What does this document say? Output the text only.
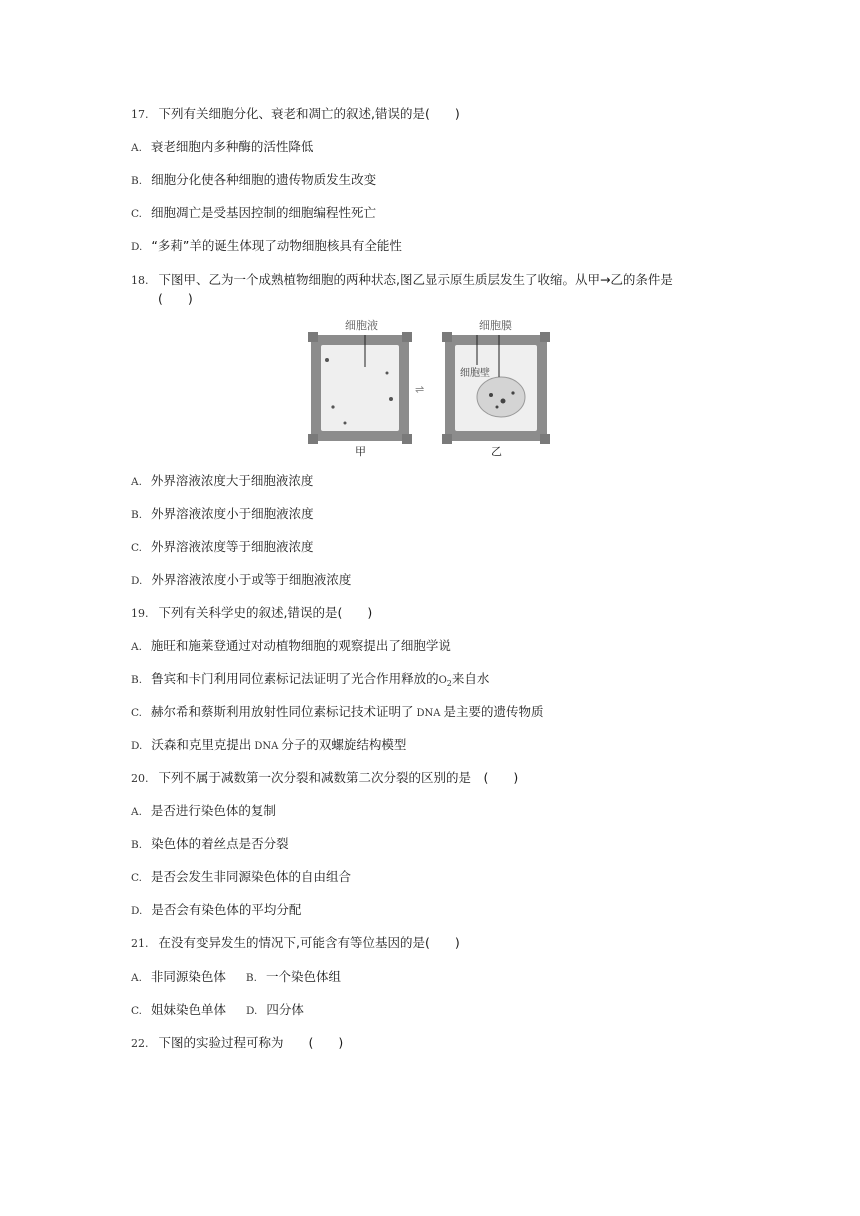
17. 下列有关细胞分化、衰老和凋亡的叙述,错误的是(　　)
A. 衰老细胞内多种酶的活性降低
B. 细胞分化使各种细胞的遗传物质发生改变
C. 细胞凋亡是受基因控制的细胞编程性死亡
D. “多莉”羊的诞生体现了动物细胞核具有全能性
18. 下图甲、乙为一个成熟植物细胞的两种状态,图乙显示原生质层发生了收缩。从甲→乙的条件是
(　　)
细胞液
甲
⇌
细胞膜
细胞壁
乙
A. 外界溶液浓度大于细胞液浓度
B. 外界溶液浓度小于细胞液浓度
C. 外界溶液浓度等于细胞液浓度
D. 外界溶液浓度小于或等于细胞液浓度
19. 下列有关科学史的叙述,错误的是(　　)
A. 施旺和施莱登通过对动植物细胞的观察提出了细胞学说
B. 鲁宾和卡门利用同位素标记法证明了光合作用释放的$O_2$来自水
C. 赫尔希和蔡斯利用放射性同位素标记技术证明了 DNA 是主要的遗传物质
D. 沃森和克里克提出 DNA 分子的双螺旋结构模型
20. 下列不属于减数第一次分裂和减数第二次分裂的区别的是　(　　)
A. 是否进行染色体的复制
B. 染色体的着丝点是否分裂
C. 是否会发生非同源染色体的自由组合
D. 是否会有染色体的平均分配
21. 在没有变异发生的情况下,可能含有等位基因的是(　　)
A. 非同源染色体 B. 一个染色体组
C. 姐妹染色单体 D. 四分体
22. 下图的实验过程可称为　　(　　)
